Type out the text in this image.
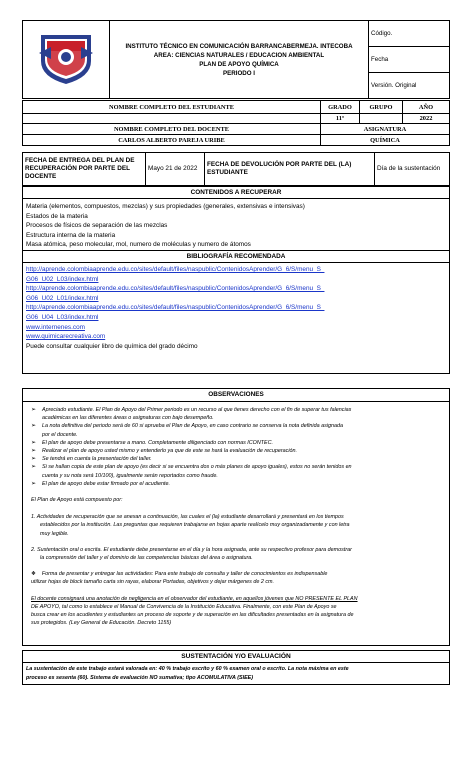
INSTITUTO TÉCNICO EN COMUNICACIÓN BARRANCABERMEJA. INTECOBA
AREA: CIENCIAS NATURALES / EDUCACION AMBIENTAL
PLAN DE APOYO QUÍMICA
PERIODO I
	Código.
Fecha
Versión. Original
NOMBRE COMPLETO DEL ESTUDIANTE	GRADO	GRUPO	AÑO
	11º		2022
NOMBRE COMPLETO DEL DOCENTE	ASIGNATURA		
CARLOS ALBERTO PAREJA URIBE	QUÍMICA		
FECHA DE ENTREGA DEL PLAN DE RECUPERACIÓN POR PARTE DEL DOCENTE	Mayo 21 de 2022	FECHA DE DEVOLUCIÓN POR PARTE DEL (LA) ESTUDIANTE	Día de la sustentación
CONTENIDOS A RECUPERAR
Materia (elementos, compuestos, mezclas) y sus propiedades (generales, extensivas e intensivas)
Estados de la materia
Procesos de físicos de separación de las mezclas
Estructura interna de la materia
Masa atómica, peso molecular, mol, numero de moléculas y numero de átomos
BIBLIOGRAFÍA RECOMENDADA
http://aprende.colombiaaprende.edu.co/sites/default/files/naspublic/ContenidosAprender/G_6/S/menu_S_
G06_U02_L03/index.html
http://aprende.colombiaaprende.edu.co/sites/default/files/naspublic/ContenidosAprender/G_6/S/menu_S_
G06_U02_L01/index.html
http://aprende.colombiaaprende.edu.co/sites/default/files/naspublic/ContenidosAprender/G_6/S/menu_S_
G06_U04_L03/index.html
www.internenes.com
www.quimicarecreativa.com
Puede consultar cualquier libro de química del grado décimo
OBSERVACIONES
➢ Apreciado estudiante. El Plan de Apoyo del Primer periodo es un recurso al que tienes derecho con el fin de superar tus falencias
académicas en las diferentes áreas o asignaturas con bajo desempeño.
➢ La nota definitiva del periodo será de 60 si aprueba el Plan de Apoyo, en caso contrario se conserva la nota definida asignada
por el docente.
➢ El plan de apoyo debe presentarse a mano. Completamente diligenciado con normas ICONTEC.
➢ Realizar el plan de apoyo usted mismo y entenderlo ya que de este se hará la evaluación de recuperación.
➢ Se tendrá en cuenta la presentación del taller.
➢ Si se hallan copia de este plan de apoyo (es decir si se encuentra dos o más planes de apoyo iguales), estos no serán tenidos en
cuenta y su nota será 10/100), igualmente serán reportados como fraude.
➢ El plan de apoyo debe estar firmado por el acudiente.
El Plan de Apoyo está compuesto por:
1. Actividades de recuperación que se anexan a continuación, las cuales el (la) estudiante desarrollará y presentará en los tiempos
establecidos por la institución. Las preguntas que requieren trabajarse en hojas aparte realícelo muy organizadamente y con letra
muy legible.
2. Sustentación oral o escrita. El estudiante debe presentarse en el día y la hora asignada, ante su respectivo profesor para demostrar
la comprensión del taller y el dominio de las competencias básicas del área o asignatura.
❖ Forma de presentar y entregar las actividades: Para este trabajo de consulta y taller de conocimientos es indispensable
utilizar hojas de block tamaño carta sin rayas, elaborar Portadas, objetivos y dejar márgenes de 2 cm.
El docente consignará una anotación de negligencia en el observador del estudiante, en aquellos jóvenes que NO PRESENTE EL PLAN
DE APOYO, tal como lo establece el Manual de Convivencia de la Institución Educativa. Finalmente, con este Plan de Apoyo se
busca crear en los acudientes y estudiantes un proceso de soporte y de superación en las dificultades presentadas en la asignatura de
sus protegidos. (Ley General de Educación. Decreto 1155)
SUSTENTACIÓN Y/O EVALUACIÓN
La sustentación de este trabajo estará valorada en: 40 % trabajo escrito y 60 % examen oral o escrito. La nota máxima en este
proceso es sesenta (60). Sistema de evaluación NO sumativa; tipo ACOMULATIVA (SIEE)
